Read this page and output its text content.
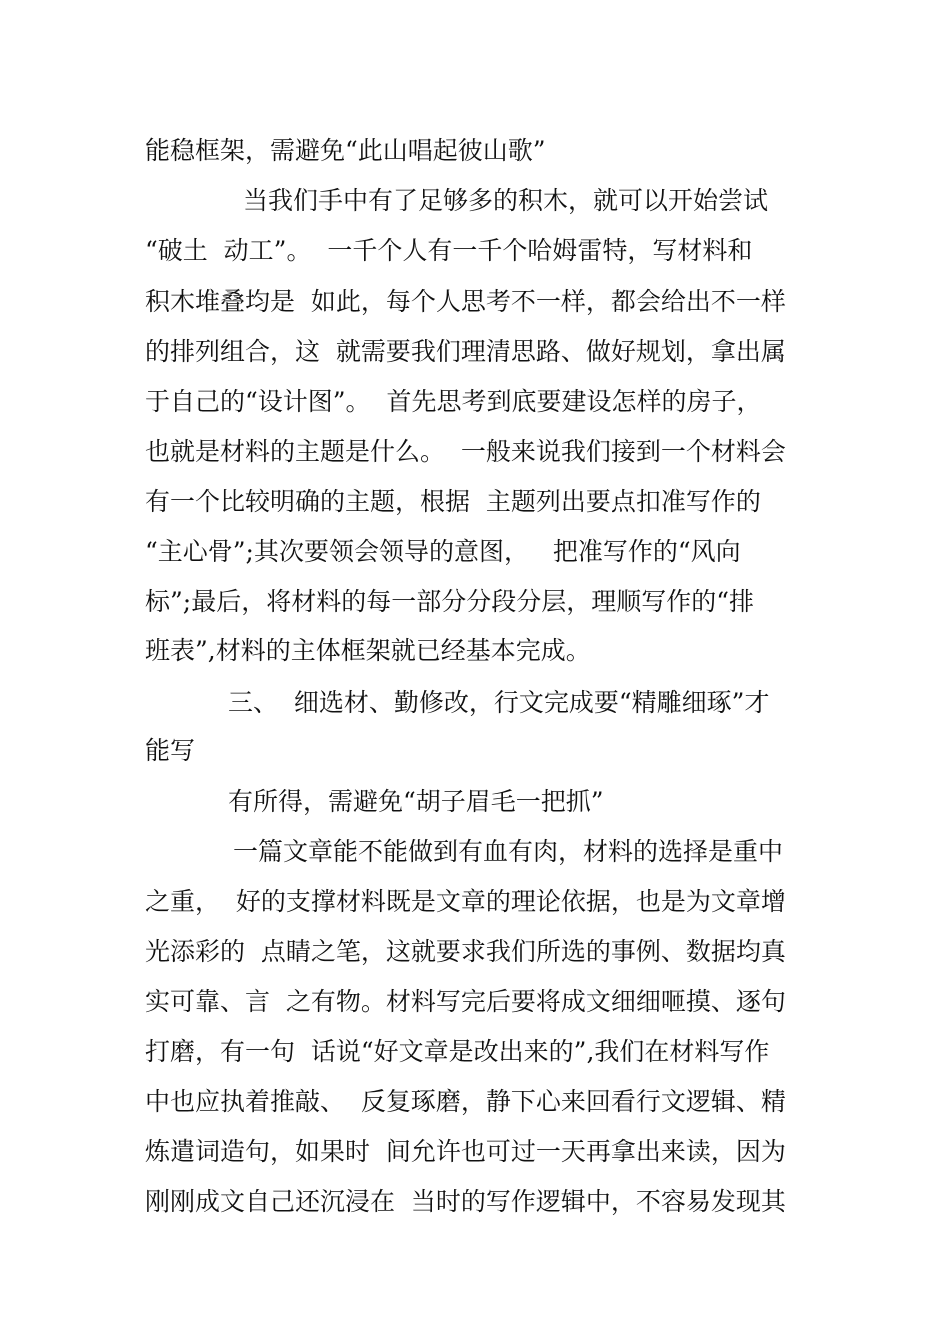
能稳框架，需避免“此山唱起彼山歌”
当我们手中有了足够多的积木，就可以开始尝试
“破土  动工”。  一千个人有一千个哈姆雷特，写材料和
积木堆叠均是  如此，每个人思考不一样，都会给出不一样
的排列组合，这  就需要我们理清思路、做好规划，拿出属
于自己的“设计图”。  首先思考到底要建设怎样的房子，
也就是材料的主题是什么。  一般来说我们接到一个材料会
有一个比较明确的主题，根据  主题列出要点扣准写作的
“主心骨”;其次要领会领导的意图，   把准写作的“风向
标”;最后，将材料的每一部分分段分层，理顺写作的“排
班表”,材料的主体框架就已经基本完成。
三、  细选材、勤修改，行文完成要“精雕细琢”才
能写
有所得，需避免“胡子眉毛一把抓”
一篇文章能不能做到有血有肉，材料的选择是重中
之重，  好的支撑材料既是文章的理论依据，也是为文章增
光添彩的  点睛之笔，这就要求我们所选的事例、数据均真
实可靠、言  之有物。材料写完后要将成文细细咂摸、逐句
打磨，有一句  话说“好文章是改出来的”,我们在材料写作
中也应执着推敲、  反复琢磨，静下心来回看行文逻辑、精
炼遣词造句，如果时  间允许也可过一天再拿出来读，因为
刚刚成文自己还沉浸在  当时的写作逻辑中，不容易发现其
